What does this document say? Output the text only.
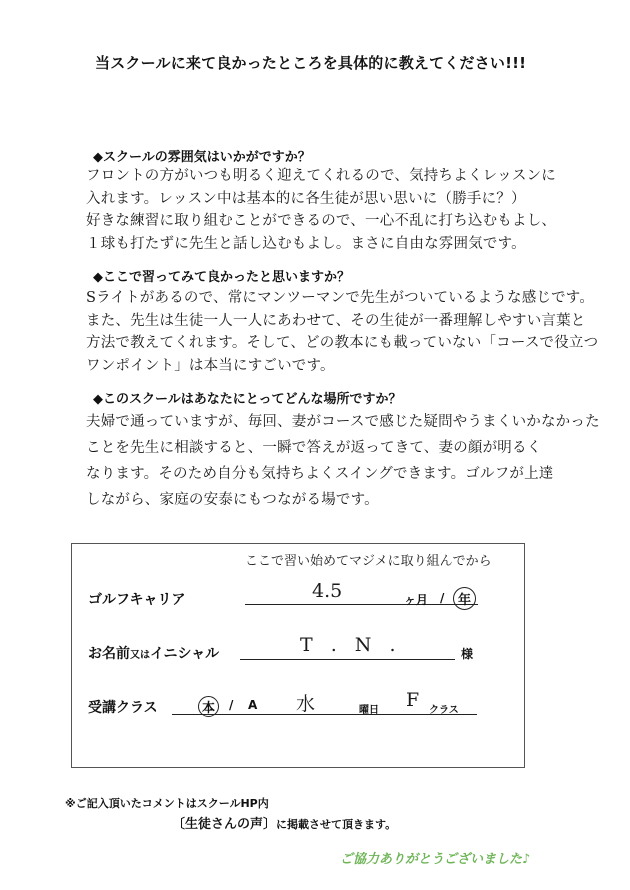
当スクールに来て良かったところを具体的に教えてください!!!
◆スクールの雰囲気はいかがですか？
フロントの方がいつも明るく迎えてくれるので、気持ちよくレッスンに
入れます。レッスン中は基本的に各生徒が思い思いに（勝手に？）
好きな練習に取り組むことができるので、一心不乱に打ち込むもよし、
１球も打たずに先生と話し込むもよし。まさに自由な雰囲気です。
◆ここで習ってみて良かったと思いますか？
Sライトがあるので、常にマンツーマンで先生がついているような感じです。
また、先生は生徒一人一人にあわせて、その生徒が一番理解しやすい言葉と
方法で教えてくれます。そして、どの教本にも載っていない「コースで役立つ
ワンポイント」は本当にすごいです。
◆このスクールはあなたにとってどんな場所ですか？
夫婦で通っていますが、毎回、妻がコースで感じた疑問やうまくいかなかった
ことを先生に相談すると、一瞬で答えが返ってきて、妻の顔が明るく
なります。そのため自分も気持ちよくスイングできます。ゴルフが上達
しながら、家庭の安泰にもつながる場です。
ここで習い始めてマジメに取り組んでから
ゴルフキャリア	4.5	ヶ月 / 年
お名前又はイニシャル	T . N .	様
受講クラス	本 / A 水	曜日 F クラス
※ご記入頂いたコメントはスクールHP内
〔生徒さんの声〕に掲載させて頂きます。
ご協力ありがとうございました♪
